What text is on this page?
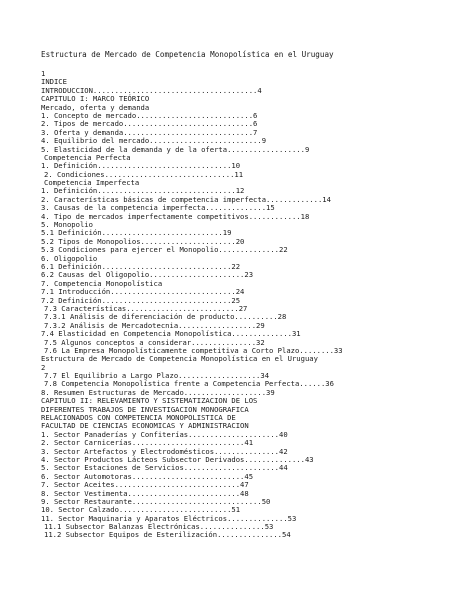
Estructura de Mercado de Competencia Monopolística en el Uruguay
1
INDICE
INTRODUCCION......................................4
CAPITULO I: MARCO TEÓRICO
Mercado, oferta y demanda
1. Concepto de mercado...........................6
2. Tipos de mercado..............................6
3. Oferta y demanda..............................7
4. Equilibrio del mercado..........................9
5. Elasticidad de la demanda y de la oferta..................9
Competencia Perfecta
1. Definición...............................10
2. Condiciones..............................11
Competencia Imperfecta
1. Definición................................12
2. Características básicas de competencia imperfecta.............14
3. Causas de la competencia imperfecta..............15
4. Tipo de mercados imperfectamente competitivos............18
5. Monopolio
5.1 Definición............................19
5.2 Tipos de Monopolios......................20
5.3 Condiciones para ejercer el Monopolio..............22
6. Oligopolio
6.1 Definición..............................22
6.2 Causas del Oligopolio......................23
7. Competencia Monopolística
7.1 Introducción.............................24
7.2 Definición..............................25
7.3 Características..........................27
7.3.1 Análisis de diferenciación de producto..........28
7.3.2 Análisis de Mercadotecnia..................29
7.4 Elasticidad en Competencia Monopolística..............31
7.5 Algunos conceptos a considerar...............32
7.6 La Empresa Monopolísticamente competitiva a Corto Plazo........33
Estructura de Mercado de Competencia Monopolística en el Uruguay
2
7.7 El Equilibrio a Largo Plazo...................34
7.8 Competencia Monopolística frente a Competencia Perfecta......36
8. Resumen Estructuras de Mercado...................39
CAPITULO II: RELEVAMIENTO Y SISTEMATIZACION DE LOS
DIFERENTES TRABAJOS DE INVESTIGACION MONOGRAFICA
RELACIONADOS CON COMPETENCIA MONOPOLISTICA DE
FACULTAD DE CIENCIAS ECONOMICAS Y ADMINISTRACION
1. Sector Panaderías y Confiterías.....................40
2. Sector Carnicerías..........................41
3. Sector Artefactos y Electrodomésticos...............42
4. Sector Productos Lácteos Subsector Derivados..............43
5. Sector Estaciones de Servicios......................44
6. Sector Automotoras..........................45
7. Sector Aceites.............................47
8. Sector Vestimenta..........................48
9. Sector Restaurante..............................50
10. Sector Calzado..........................51
11. Sector Maquinaria y Aparatos Eléctricos..............53
11.1 Subsector Balanzas Electrónicas...............53
11.2 Subsector Equipos de Esterilización...............54
